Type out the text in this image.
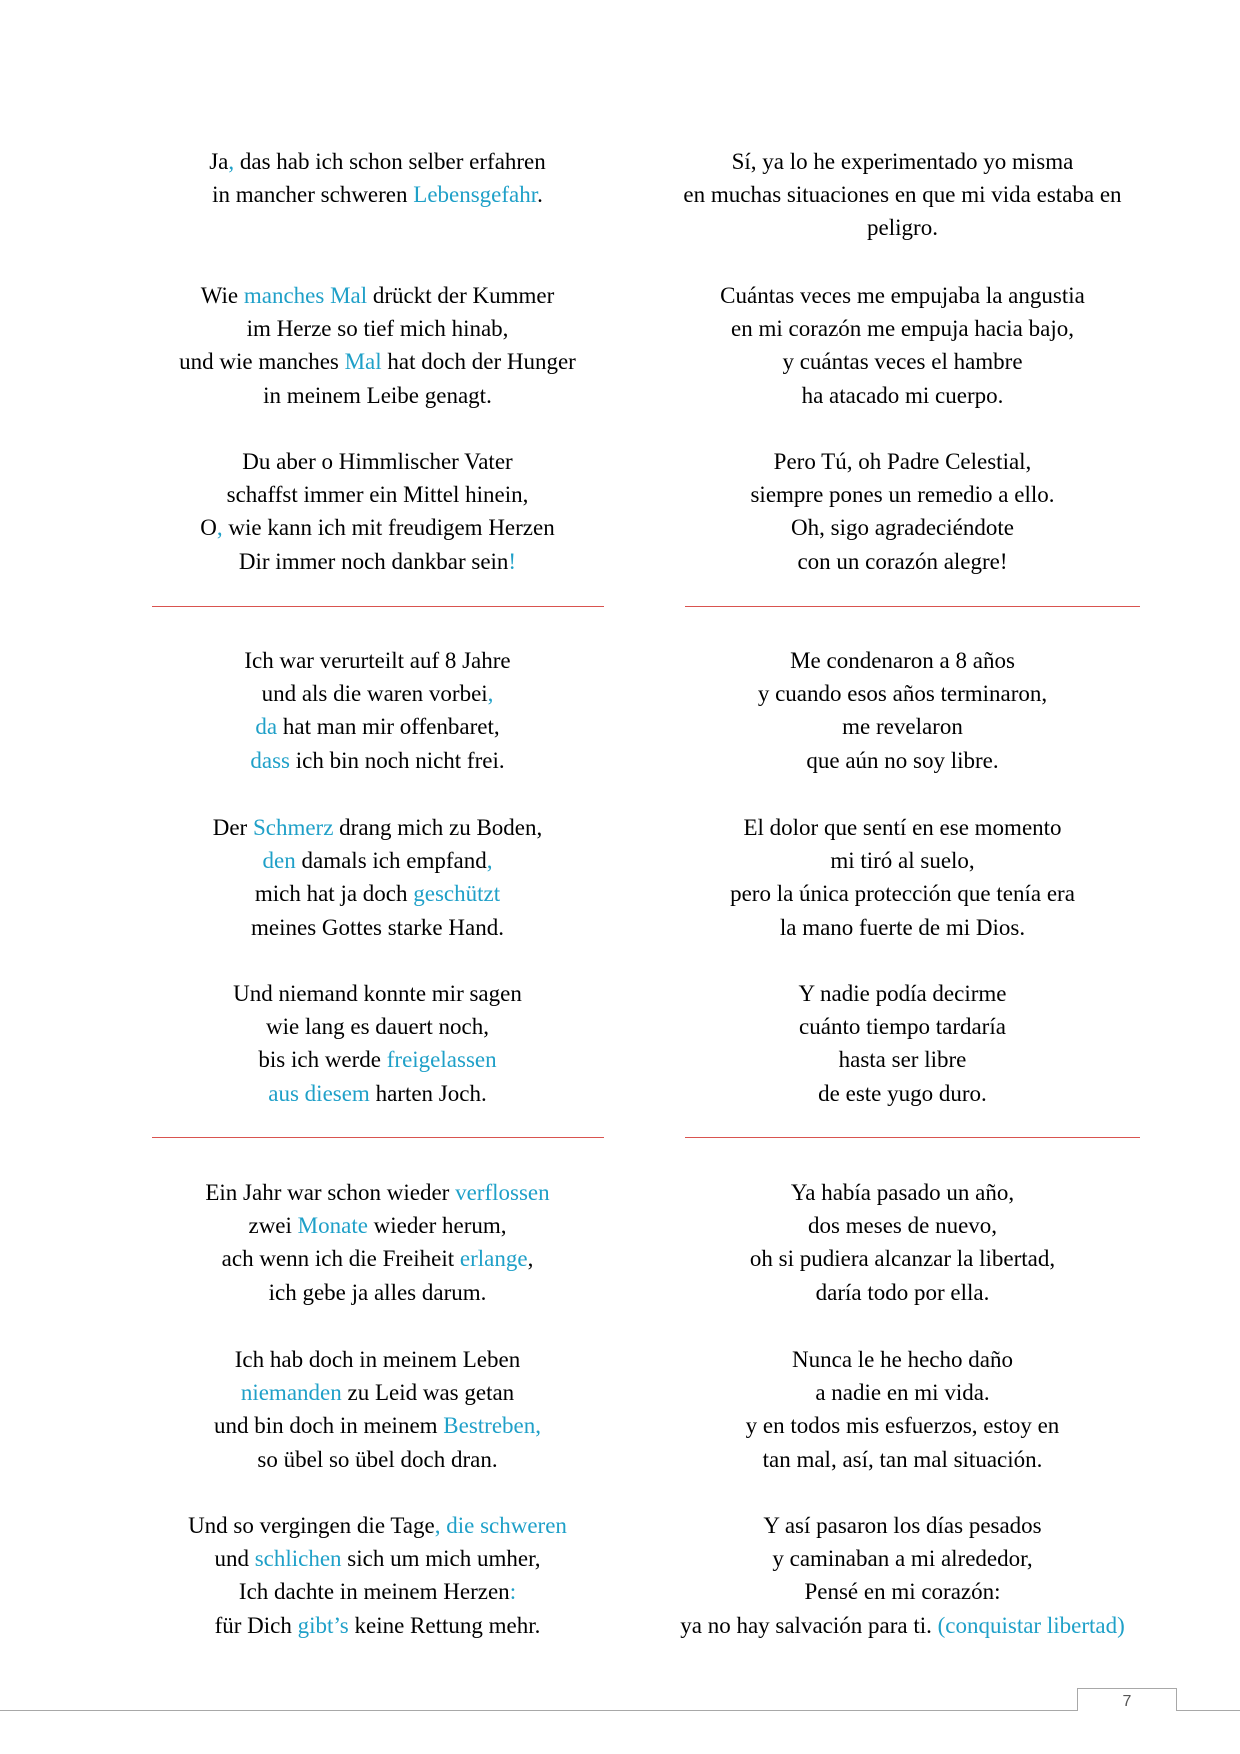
Ja, das hab ich schon selber erfahren
in mancher schweren Lebensgefahr.
Wie manches Mal drückt der Kummer
im Herze so tief mich hinab,
und wie manches Mal hat doch der Hunger
in meinem Leibe genagt.
Du aber o Himmlischer Vater
schaffst immer ein Mittel hinein,
O, wie kann ich mit freudigem Herzen
Dir immer noch dankbar sein!
Ich war verurteilt auf 8 Jahre
und als die waren vorbei,
da hat man mir offenbaret,
dass ich bin noch nicht frei.
Der Schmerz drang mich zu Boden,
den damals ich empfand,
mich hat ja doch geschützt
meines Gottes starke Hand.
Und niemand konnte mir sagen
wie lang es dauert noch,
bis ich werde freigelassen
aus diesem harten Joch.
Ein Jahr war schon wieder verflossen
zwei Monate wieder herum,
ach wenn ich die Freiheit erlange,
ich gebe ja alles darum.
Ich hab doch in meinem Leben
niemanden zu Leid was getan
und bin doch in meinem Bestreben,
so übel so übel doch dran.
Und so vergingen die Tage, die schweren
und schlichen sich um mich umher,
Ich dachte in meinem Herzen:
für Dich gibt’s keine Rettung mehr.
Sí, ya lo he experimentado yo misma
en muchas situaciones en que mi vida estaba en peligro.
Cuántas veces me empujaba la angustia
en mi corazón me empuja hacia bajo,
y cuántas veces el hambre
ha atacado mi cuerpo.
Pero Tú, oh Padre Celestial,
siempre pones un remedio a ello.
Oh, sigo agradeciéndote
con un corazón alegre!
Me condenaron a 8 años
y cuando esos años terminaron,
me revelaron
que aún no soy libre.
El dolor que sentí en ese momento
mi tiró al suelo,
pero la única protección que tenía era
la mano fuerte de mi Dios.
Y nadie podía decirme
cuánto tiempo tardaría
hasta ser libre
de este yugo duro.
Ya había pasado un año,
dos meses de nuevo,
oh si pudiera alcanzar la libertad,
daría todo por ella.
Nunca le he hecho daño
a nadie en mi vida.
y en todos mis esfuerzos, estoy en
tan mal, así, tan mal situación.
Y así pasaron los días pesados
y caminaban a mi alrededor,
Pensé en mi corazón:
ya no hay salvación para ti. (conquistar libertad)
7
